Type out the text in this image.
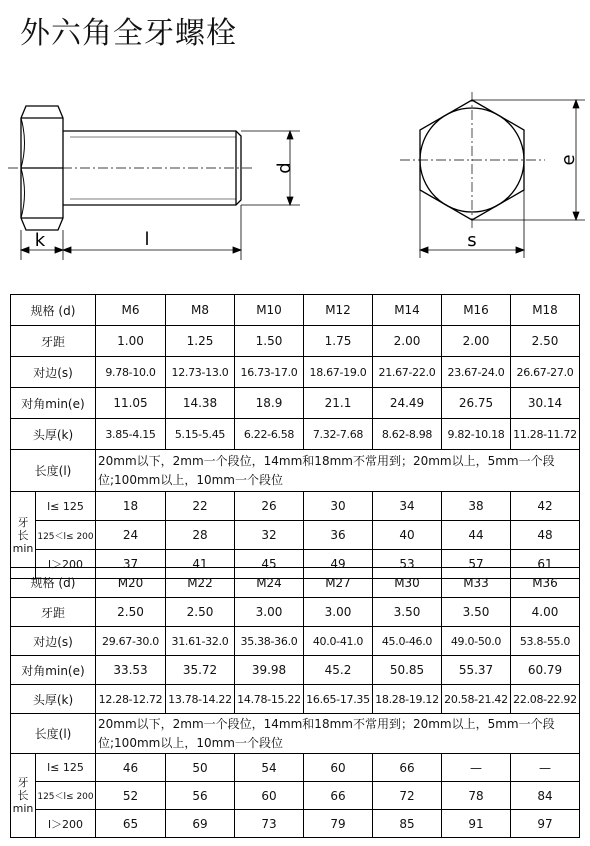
外六角全牙螺栓
d
k	l
e
s
规格 (d)		M6	M8	M10	M12	M14	M16	M18
牙距		1.00	1.25	1.50	1.75	2.00	2.00	2.50
对边(s)		9.78-10.0	12.73-13.0	16.73-17.0	18.67-19.0	21.67-22.0	23.67-24.0	26.67-27.0
对角min(e)		11.05	14.38	18.9	21.1	24.49	26.75	30.14
头厚(k)		3.85-4.15	5.15-5.45	6.22-6.58	7.32-7.68	8.62-8.98	9.82-10.18	11.28-11.72
长度(l)		20mm以下，2mm一个段位，14mm和18mm不常用到；20mm以上，5mm一个段位;100mm以上，10mm一个段位						
牙
长
min	l≤ 125	18	22	26	30	34	38	42
	125＜l≤ 200	24	28	32	36	40	44	48
	l＞200	37	41	45	49	53	57	61
规格 (d)		M20	M22	M24	M27	M30	M33	M36
牙距		2.50	2.50	3.00	3.00	3.50	3.50	4.00
对边(s)		29.67-30.0	31.61-32.0	35.38-36.0	40.0-41.0	45.0-46.0	49.0-50.0	53.8-55.0
对角min(e)		33.53	35.72	39.98	45.2	50.85	55.37	60.79
头厚(k)		12.28-12.72	13.78-14.22	14.78-15.22	16.65-17.35	18.28-19.12	20.58-21.42	22.08-22.92
长度(l)		20mm以下，2mm一个段位，14mm和18mm不常用到；20mm以上，5mm一个段位;100mm以上，10mm一个段位						
牙
长
min	l≤ 125	46	50	54	60	66	—	—
	125＜l≤ 200	52	56	60	66	72	78	84
	l＞200	65	69	73	79	85	91	97
